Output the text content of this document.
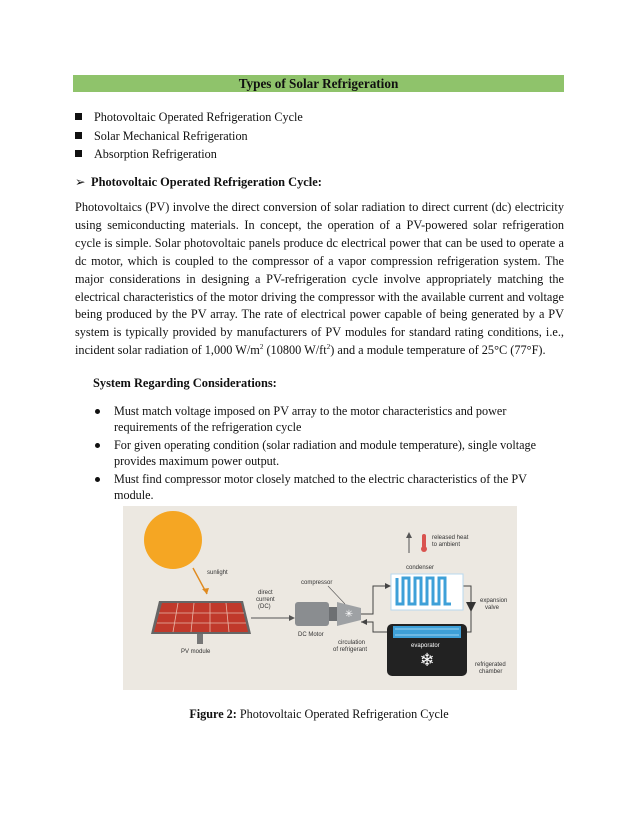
Types of Solar Refrigeration
Photovoltaic Operated Refrigeration Cycle
Solar Mechanical Refrigeration
Absorption Refrigeration
➢ Photovoltaic Operated Refrigeration Cycle:

Photovoltaics (PV) involve the direct conversion of solar radiation to direct current (dc) electricity using semiconducting materials. In concept, the operation of a PV-powered solar refrigeration cycle is simple. Solar photovoltaic panels produce dc electrical power that can be used to operate a dc motor, which is coupled to the compressor of a vapor compression refrigeration system. The major considerations in designing a PV-refrigeration cycle involve appropriately matching the electrical characteristics of the motor driving the compressor with the available current and voltage being produced by the PV array. The rate of electrical power capable of being generated by a PV system is typically provided by manufacturers of PV modules for standard rating conditions, i.e., incident solar radiation of 1,000 $W/m^2$ (10800 $W/ft^2$) and a module temperature of 25°C (77°F).

System Regarding Considerations:
Must match voltage imposed on PV array to the motor characteristics and power requirements of the refrigeration cycle
For given operating condition (solar radiation and module temperature), single voltage provides maximum power output.
Must find compressor motor closely matched to the electric characteristics of the PV module.
sunlight
PV module
direct
current
(DC)
✳
DC Motor
compressor
condenser
released heat
to ambient
expansion
valve
❄
evaporator
refrigerated
chamber
circulation
of refrigerant
Figure 2: Photovoltaic Operated Refrigeration Cycle
